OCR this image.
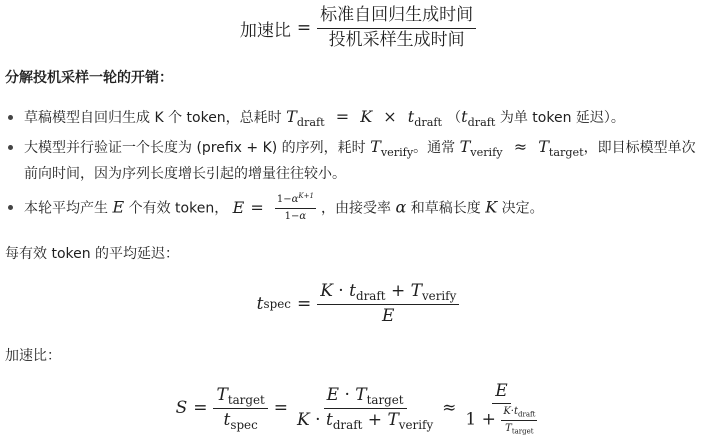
加速比 = $\frac{\text{标准自回归生成时间}}{\text{投机采样生成时间}}$
分解投机采样一轮的开销：
草稿模型自回归生成 K 个 token，总耗时 $T_{draft} = K \times t_{draft}$ （$t_{draft}$ 为单 token 延迟）。
大模型并行验证一个长度为 (prefix + K) 的序列，耗时 $T_{verify}$。通常 $T_{verify} \approx T_{target}$，即目标模型单次
前向时间，因为序列长度增长引起的增量往往较小。
本轮平均产生 E 个有效 token， $E = \frac{1-\alpha^{K+1}}{1-\alpha}$ ，由接受率 α 和草稿长度 K 决定。
每有效 token 的平均延迟：
t spec = $\frac{K \cdot t_{draft} + T_{verify}}{E}$
加速比：
$S = \frac{T_{target}}{t_{spec}} = \frac{E \cdot T_{target}}{K \cdot t_{draft} + T_{verify}} \approx \frac{E}{1 + \frac{K\cdot t_{draft}}{T_{target}}}$
